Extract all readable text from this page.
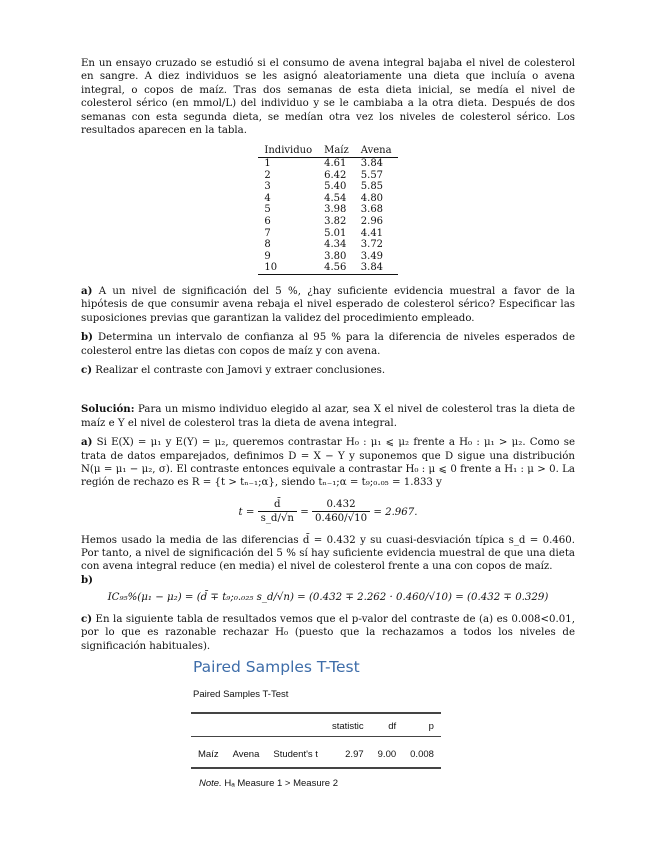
En un ensayo cruzado se estudió si el consumo de avena integral bajaba el nivel de colesterol en sangre. A diez individuos se les asignó aleatoriamente una dieta que incluía o avena integral, o copos de maíz. Tras dos semanas de esta dieta inicial, se medía el nivel de colesterol sérico (en mmol/L) del individuo y se le cambiaba a la otra dieta. Después de dos semanas con esta segunda dieta, se medían otra vez los niveles de colesterol sérico. Los resultados aparecen en la tabla.

Individuo	Maíz	Avena
1	4.61	3.84
2	6.42	5.57
3	5.40	5.85
4	4.54	4.80
5	3.98	3.68
6	3.82	2.96
7	5.01	4.41
8	4.34	3.72
9	3.80	3.49
10	4.56	3.84

a) A un nivel de significación del 5 %, ¿hay suficiente evidencia muestral a favor de la hipótesis de que consumir avena rebaja el nivel esperado de colesterol sérico? Especificar las suposiciones previas que garantizan la validez del procedimiento empleado.

b) Determina un intervalo de confianza al 95 % para la diferencia de niveles esperados de colesterol entre las dietas con copos de maíz y con avena.

c) Realizar el contraste con Jamovi y extraer conclusiones.

Solución: Para un mismo individuo elegido al azar, sea X el nivel de colesterol tras la dieta de maíz e Y el nivel de colesterol tras la dieta de avena integral.

a) Si E(X) = μ₁ y E(Y) = μ₂, queremos contrastar H₀ : μ₁ ⩽ μ₂ frente a H₀ : μ₁ > μ₂. Como se trata de datos emparejados, definimos D = X − Y y suponemos que D sigue una distribución N(μ = μ₁ − μ₂, σ). El contraste entonces equivale a contrastar H₀ : μ ⩽ 0 frente a H₁ : μ > 0. La región de rechazo es R = {t > tₙ₋₁;α}, siendo tₙ₋₁;α = t₉;₀.₀₅ = 1.833 y

$t = \frac{d̄}{s\_d/√n} = \frac{0.432}{0.460/√10} = 2.967$.

Hemos usado la media de las diferencias d̄ = 0.432 y su cuasi-desviación típica s_d = 0.460. Por tanto, a nivel de significación del 5 % sí hay suficiente evidencia muestral de que una dieta con avena integral reduce (en media) el nivel de colesterol frente a una con copos de maíz.

b)

IC₉₅%(μ₁ − μ₂) = (d̄ ∓ t₉;₀.₀₂₅ s_d/√n) = (0.432 ∓ 2.262 · 0.460/√10) = (0.432 ∓ 0.329)

c) En la siguiente tabla de resultados vemos que el p-valor del contraste de (a) es 0.008<0.01, por lo que es razonable rechazar H₀ (puesto que la rechazamos a todos los niveles de significación habituales).

Paired Samples T-Test
Paired Samples T-Test
			statistic	df	p
Maíz	Avena	Student's t	2.97	9.00	0.008
Note. Hₐ Measure 1 > Measure 2
